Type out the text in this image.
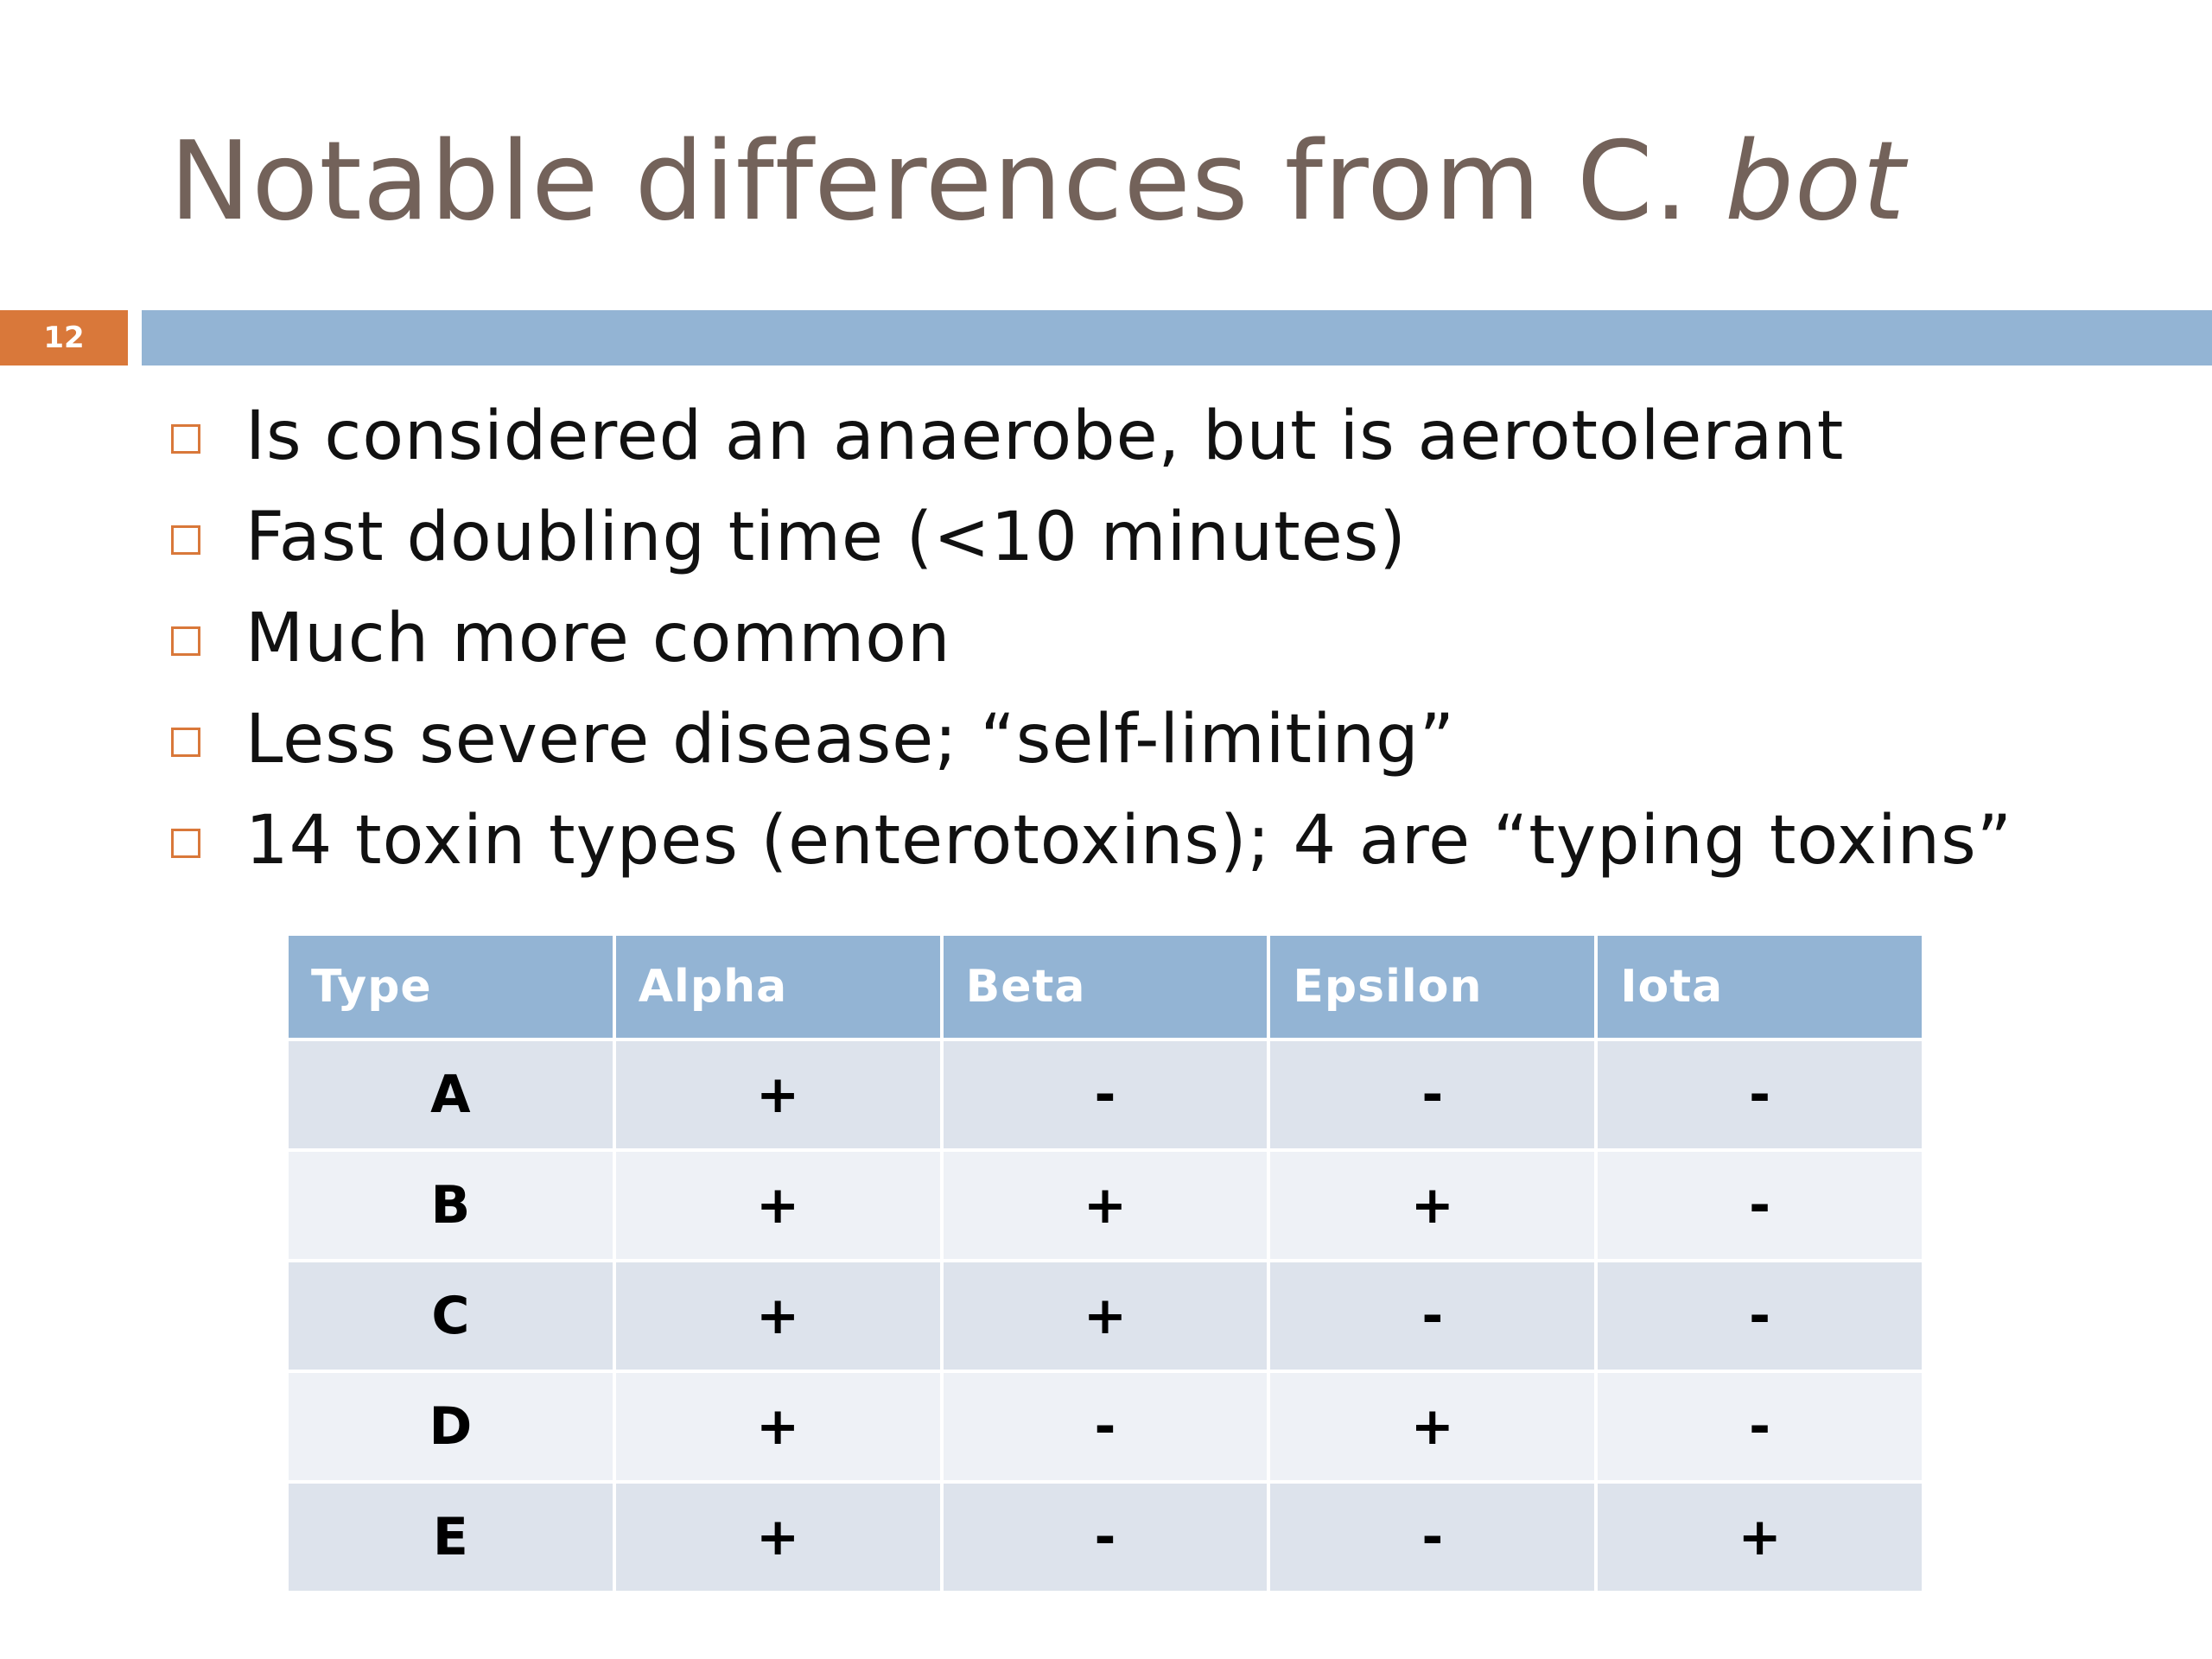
Notable differences from C. bot
12
Is considered an anaerobe, but is aerotolerant
Fast doubling time (<10 minutes)
Much more common
Less severe disease; “self-limiting”
14 toxin types (enterotoxins); 4 are “typing toxins”
Type	Alpha	Beta	Epsilon	Iota
A	+	-	-	-
B	+	+	+	-
C	+	+	-	-
D	+	-	+	-
E	+	-	-	+
